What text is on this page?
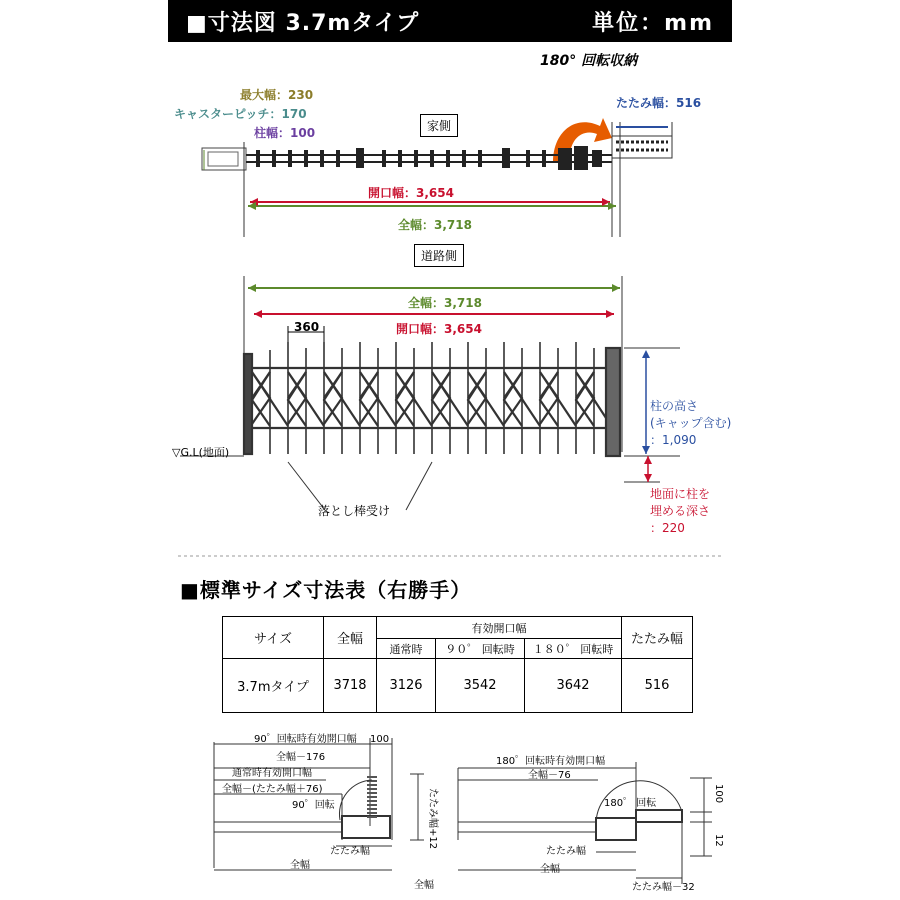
■寸法図 3.7mタイプ	単位：mm
180° 回転収納
最大幅：230
キャスターピッチ：170
柱幅：100
たたみ幅：516
家側
開口幅：3,654
全幅：3,718
道路側
全幅：3,718
開口幅：3,654
360
▽G.L(地面)
落とし棒受け
柱の高さ
(キャップ含む)
：1,090
地面に柱を
埋める深さ
：220
■標準サイズ寸法表（右勝手）
サイズ	全幅	有効開口幅			たたみ幅
		通常時	９０゜ 回転時	１８０゜ 回転時	
3.7mタイプ	3718	3126	3542	3642	516
90゜回転時有効開口幅 100
全幅－176
通常時有効開口幅
全幅－(たたみ幅＋76)
90゜回転
たたみ幅
全幅
たたみ幅+12
180゜回転時有効開口幅
全幅－76
180゜ 回転
100
12
たたみ幅
全幅
たたみ幅－32
全幅
